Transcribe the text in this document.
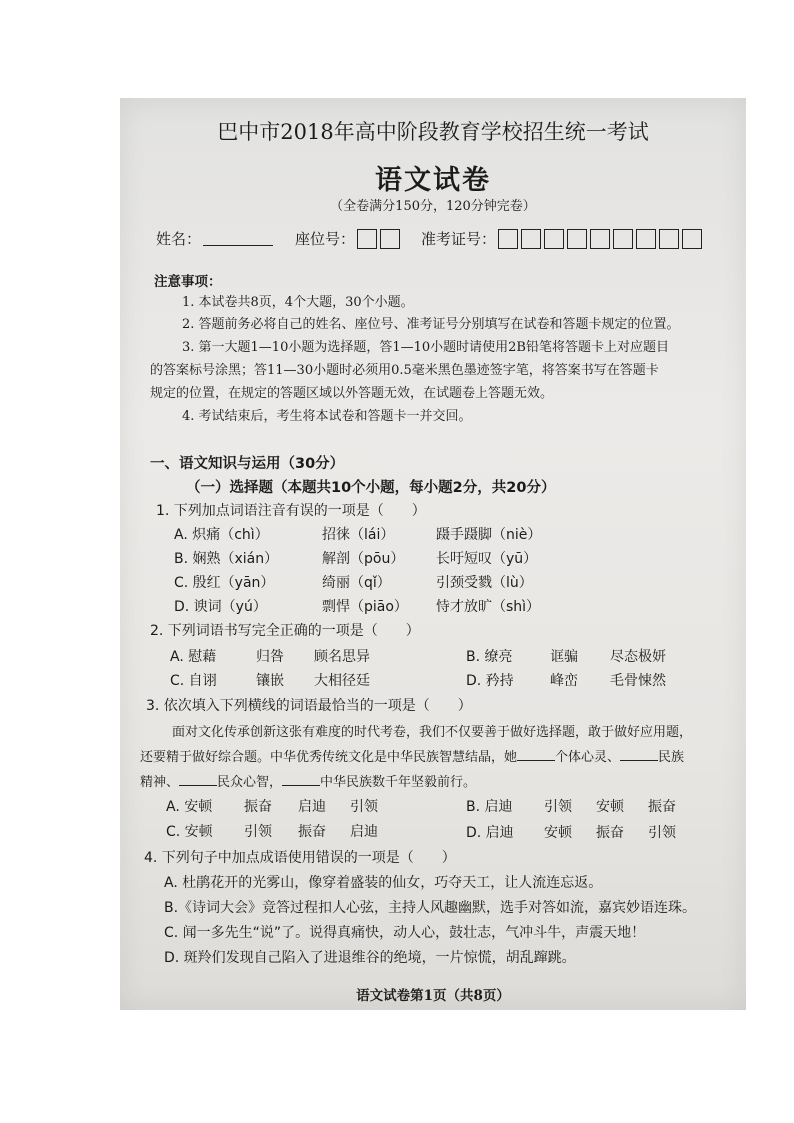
巴中市2018年高中阶段教育学校招生统一考试
语文试卷
（全卷满分150分，120分钟完卷）
姓名：	座位号：	准考证号：
注意事项：
1. 本试卷共8页，4个大题，30个小题。
2. 答题前务必将自己的姓名、座位号、准考证号分别填写在试卷和答题卡规定的位置。
3. 第一大题1—10小题为选择题，答1—10小题时请使用2B铅笔将答题卡上对应题目
的答案标号涂黑；答11—30小题时必须用0.5毫米黑色墨迹签字笔，将答案书写在答题卡
规定的位置，在规定的答题区域以外答题无效，在试题卷上答题无效。
4. 考试结束后，考生将本试卷和答题卡一并交回。
一、语文知识与运用（30分）
（一）选择题（本题共10个小题，每小题2分，共20分）
1. 下列加点词语注音有误的一项是（　　）
A. 炽痛（chì）	招徕（lái）	蹑手蹑脚（niè）
B. 娴熟（xián）	解剖（pōu） 长吁短叹（yū）
C. 殷红（yān）	绮丽（qǐ）	引颈受戮（lù）
D. 谀词（yú）	剽悍（piāo） 恃才放旷（shì）
2. 下列词语书写完全正确的一项是（　　）
A. 慰藉	归咎 顾名思异	B. 缭亮	诓骗 尽态极妍
C. 自诩	镶嵌 大相径廷	D. 矜持	峰峦 毛骨悚然
3. 依次填入下列横线的词语最恰当的一项是（　　）
面对文化传承创新这张有难度的时代考卷，我们不仅要善于做好选择题，敢于做好应用题，
还要精于做好综合题。中华优秀传统文化是中华民族智慧结晶，她	个体心灵、	民族
精神、	民众心智，	中华民族数千年坚毅前行。
A. 安顿 振奋 启迪 引领	B. 启迪 引领 安顿 振奋
C. 安顿 引领 振奋 启迪	D. 启迪 安顿 振奋 引领
4. 下列句子中加点成语使用错误的一项是（　　）
A. 杜鹃花开的光雾山，像穿着盛装的仙女，巧夺天工，让人流连忘返。
B.《诗词大会》竞答过程扣人心弦，主持人风趣幽默，选手对答如流，嘉宾妙语连珠。
C. 闻一多先生“说”了。说得真痛快，动人心，鼓壮志，气冲斗牛，声震天地！
D. 斑羚们发现自己陷入了进退维谷的绝境，一片惊慌，胡乱蹿跳。
语文试卷第1页（共8页）
